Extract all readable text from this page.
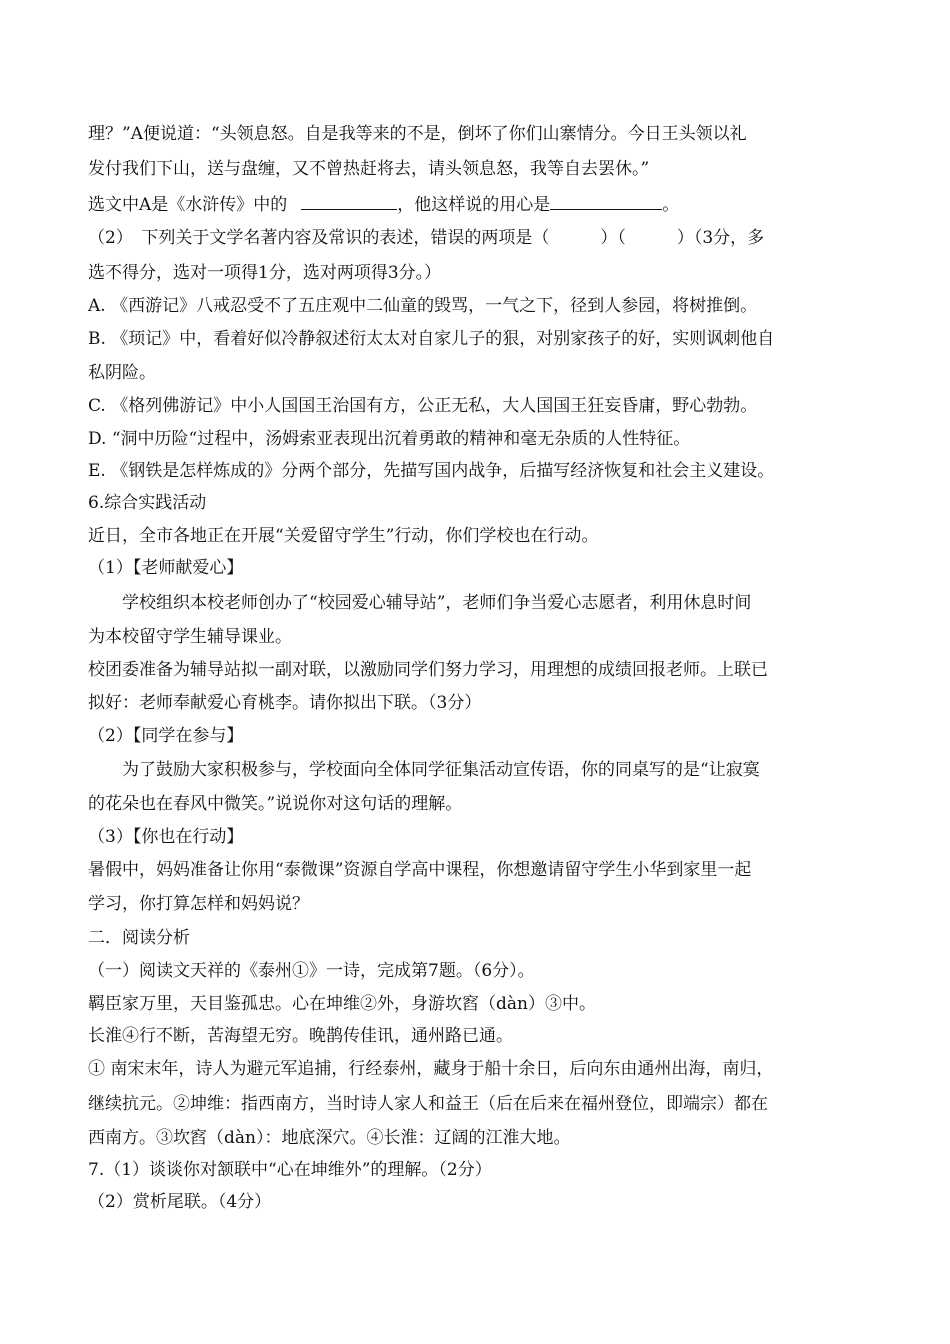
理？”A便说道：“头领息怒。自是我等来的不是，倒坏了你们山寨情分。今日王头领以礼
发付我们下山，送与盘缠，又不曾热赶将去，请头领息怒，我等自去罢休。”
选文中A是《水浒传》中的	，他这样说的用心是	。
（2）　下列关于文学名著内容及常识的表述，错误的两项是（　　　）（　　　）（3分，多
选不得分，选对一项得1分，选对两项得3分。）
A. 《西游记》八戒忍受不了五庄观中二仙童的毁骂，一气之下，径到人参园，将树推倒。
B. 《顼记》中，看着好似冷静叙述衍太太对自家儿子的狠，对别家孩子的好，实则讽刺他自
私阴险。
C. 《格列佛游记》中小人国国王治国有方，公正无私，大人国国王狂妄昏庸，野心勃勃。
D. “洞中历险“过程中，汤姆索亚表现出沉着勇敢的精神和毫无杂质的人性特征。
E. 《钢铁是怎样炼成的》分两个部分，先描写国内战争，后描写经济恢复和社会主义建设。
6.综合实践活动
近日，全市各地正在开展“关爱留守学生”行动，你们学校也在行动。
（1）【老师献爱心】
　　学校组织本校老师创办了“校园爱心辅导站”，老师们争当爱心志愿者，利用休息时间
为本校留守学生辅导课业。
校团委准备为辅导站拟一副对联，以激励同学们努力学习，用理想的成绩回报老师。上联已
拟好：老师奉献爱心育桃李。请你拟出下联。（3分）
（2）【同学在参与】
　　为了鼓励大家积极参与，学校面向全体同学征集活动宣传语，你的同桌写的是“让寂寞
的花朵也在春风中微笑。”说说你对这句话的理解。
（3）【你也在行动】
暑假中，妈妈准备让你用“泰微课”资源自学高中课程，你想邀请留守学生小华到家里一起
学习，你打算怎样和妈妈说？
二．阅读分析
（一）阅读文天祥的《泰州①》一诗，完成第7题。（6分）。
羁臣家万里，天目鉴孤忠。心在坤维②外，身游坎窞（dàn）③中。
长淮④行不断，苦海望无穷。晚鹊传佳讯，通州路已通。
① 南宋末年，诗人为避元军追捕，行经泰州，藏身于船十余日，后向东由通州出海，南归，
继续抗元。②坤维：指西南方，当时诗人家人和益王（后在后来在福州登位，即端宗）都在
西南方。③坎窞（dàn）：地底深穴。④长淮：辽阔的江淮大地。
7.（1）谈谈你对颔联中“心在坤维外”的理解。（2分）
（2）赏析尾联。（4分）
